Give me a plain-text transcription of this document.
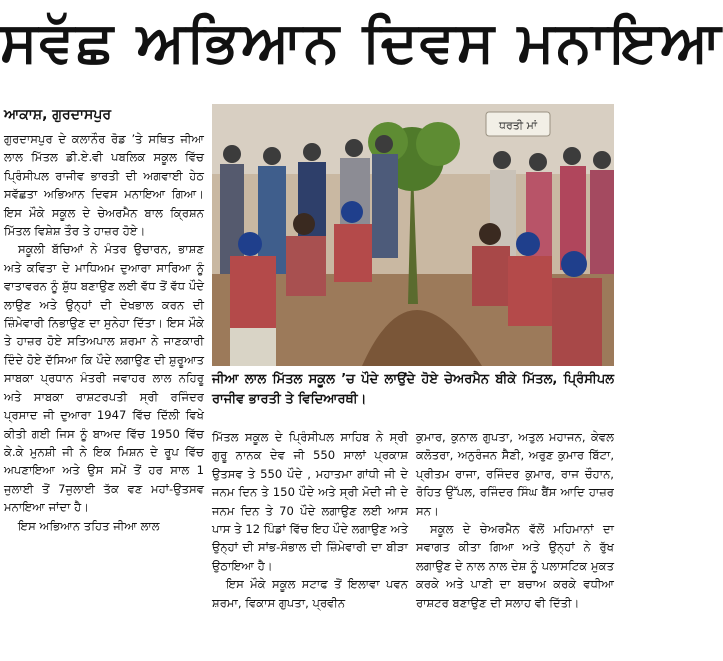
ਸਵੱਛ ਅਭਿਆਨ ਦਿਵਸ ਮਨਾਇਆ
ਆਕਾਸ਼, ਗੁਰਦਾਸਪੁਰ

ਗੁਰਦਾਸਪੁਰ ਦੇ ਕਲਾਨੌਰ ਰੋਡ ’ਤੇ ਸਥਿਤ ਜੀਆ ਲਾਲ ਮਿੱਤਲ ਡੀ.ਏ.ਵੀ ਪਬਲਿਕ ਸਕੂਲ ਵਿੱਚ ਪ੍ਰਿੰਸੀਪਲ ਰਾਜੀਵ ਭਾਰਤੀ ਦੀ ਅਗਵਾਈ ਹੇਠ ਸਵੱਛਤਾ ਅਭਿਆਨ ਦਿਵਸ ਮਨਾਇਆ ਗਿਆ। ਇਸ ਮੌਕੇ ਸਕੂਲ ਦੇ ਚੇਅਰਮੈਨ ਬਾਲ ਕ੍ਰਿਸ਼ਨ ਮਿੱਤਲ ਵਿਸ਼ੇਸ਼ ਤੌਰ ਤੇ ਹਾਜ਼ਰ ਹੋਏ।

ਸਕੂਲੀ ਬੱਚਿਆਂ ਨੇ ਮੰਤਰ ਉਚਾਰਨ, ਭਾਸ਼ਣ ਅਤੇ ਕਵਿਤਾ ਦੇ ਮਾਧਿਅਮ ਦੁਆਰਾ ਸਾਰਿਆ ਨੂੰ ਵਾਤਾਵਰਨ ਨੂੰ ਸ਼ੁੱਧ ਬਣਾਉਣ ਲਈ ਵੱਧ ਤੋਂ ਵੱਧ ਪੌਦੇ ਲਾਉਣ ਅਤੇ ਉਨ੍ਹਾਂ ਦੀ ਦੇਖਭਾਲ ਕਰਨ ਦੀ ਜ਼ਿੰਮੇਵਾਰੀ ਨਿਭਾਉਣ ਦਾ ਸੁਨੇਹਾ ਦਿੱਤਾ। ਇਸ ਮੌਕੇ ਤੇ ਹਾਜ਼ਰ ਹੋਏ ਸਤਿਅਪਾਲ ਸ਼ਰਮਾ ਨੇ ਜਾਣਕਾਰੀ ਦਿੰਦੇ ਹੋਏ ਦੱਸਿਆ ਕਿ ਪੌਦੇ ਲਗਾਉਣ ਦੀ ਸ਼ੁਰੂਆਤ ਸਾਬਕਾ ਪ੍ਰਧਾਨ ਮੰਤਰੀ ਜਵਾਹਰ ਲਾਲ ਨਹਿਰੂ ਅਤੇ ਸਾਬਕਾ ਰਾਸ਼ਟਰਪਤੀ ਸ੍ਰੀ ਰਜਿੰਦਰ ਪ੍ਰਸਾਦ ਜੀ ਦੁਆਰਾ 1947 ਵਿੱਚ ਦਿੱਲੀ ਵਿਖੇ ਕੀਤੀ ਗਈ ਜਿਸ ਨੂੰ ਬਾਅਦ ਵਿੱਚ 1950 ਵਿੱਚ ਕੇ.ਕੇ ਮੁਨਸ਼ੀ ਜੀ ਨੇ ਇਕ ਮਿਸ਼ਨ ਦੇ ਰੂਪ ਵਿੱਚ ਅਪਣਾਇਆ ਅਤੇ ਉਸ ਸਮੇਂ ਤੋਂ ਹਰ ਸਾਲ 1 ਜੁਲਾਈ ਤੋਂ 7ਜੁਲਾਈ ਤੱਕ ਵਣ ਮਹਾਂ-ਉਤਸਵ ਮਨਾਇਆ ਜਾਂਦਾ ਹੈ।

ਇਸ ਅਭਿਆਨ ਤਹਿਤ ਜੀਆ ਲਾਲ

ਧਰਤੀ ਮਾਂ
ਜੀਆ ਲਾਲ ਮਿੱਤਲ ਸਕੂਲ ’ਚ ਪੌਦੇ ਲਾਉਂਦੇ ਹੋਏ ਚੇਅਰਮੈਨ ਬੀਕੇ ਮਿੱਤਲ, ਪ੍ਰਿੰਸੀਪਲ ਰਾਜੀਵ ਭਾਰਤੀ ਤੇ ਵਿਦਿਆਰਥੀ।

ਮਿੱਤਲ ਸਕੂਲ ਦੇ ਪ੍ਰਿੰਸੀਪਲ ਸਾਹਿਬ ਨੇ ਸ੍ਰੀ ਗੁਰੂ ਨਾਨਕ ਦੇਵ ਜੀ 550 ਸਾਲਾਂ ਪ੍ਰਕਾਸ਼ ਉਤਸਵ ਤੇ 550 ਪੌਦੇ , ਮਹਾਤਮਾ ਗਾਂਧੀ ਜੀ ਦੇ ਜਨਮ ਦਿਨ ਤੇ 150 ਪੌਦੇ ਅਤੇ ਸ੍ਰੀ ਮੋਦੀ ਜੀ ਦੇ ਜਨਮ ਦਿਨ ਤੇ 70 ਪੌਦੇ ਲਗਾਉਣ ਲਈ ਆਸ ਪਾਸ ਤੇ 12 ਪਿੰਡਾਂ ਵਿੱਚ ਇਹ ਪੌਦੇ ਲਗਾਉਣ ਅਤੇ ਉਨ੍ਹਾਂ ਦੀ ਸਾਂਭ-ਸੰਭਾਲ ਦੀ ਜ਼ਿੰਮੇਵਾਰੀ ਦਾ ਬੀੜਾ ਉਠਾਇਆ ਹੈ।

ਇਸ ਮੌਕੇ ਸਕੂਲ ਸਟਾਫ ਤੋਂ ਇਲਾਵਾ ਪਵਨ ਸ਼ਰਮਾ, ਵਿਕਾਸ ਗੁਪਤਾ, ਪ੍ਰਵੀਨ

ਕੁਮਾਰ, ਕੁਨਾਲ ਗੁਪਤਾ, ਅਤੁਲ ਮਹਾਜਨ, ਕੇਵਲ ਕਲੋਤਰਾ, ਅਨੁਰੰਜਨ ਸੈਣੀ, ਅਰੁਣ ਕੁਮਾਰ ਬਿੱਟਾ, ਪ੍ਰੀਤਮ ਰਾਜਾ, ਰਜਿੰਦਰ ਕੁਮਾਰ, ਰਾਜ ਚੌਹਾਨ, ਰੋਹਿਤ ਉੱਪਲ, ਰਜਿੰਦਰ ਸਿੰਘ ਬੈਂਸ ਆਦਿ ਹਾਜ਼ਰ ਸਨ।

ਸਕੂਲ ਦੇ ਚੇਅਰਮੈਨ ਵੱਲੋਂ ਮਹਿਮਾਨਾਂ ਦਾ ਸਵਾਗਤ ਕੀਤਾ ਗਿਆ ਅਤੇ ਉਨ੍ਹਾਂ ਨੇ ਰੁੱਖ ਲਗਾਉਣ ਦੇ ਨਾਲ ਨਾਲ ਦੇਸ਼ ਨੂੰ ਪਲਾਸਟਿਕ ਮੁਕਤ ਕਰਕੇ ਅਤੇ ਪਾਣੀ ਦਾ ਬਚਾਅ ਕਰਕੇ ਵਧੀਆ ਰਾਸ਼ਟਰ ਬਣਾਉਣ ਦੀ ਸਲਾਹ ਵੀ ਦਿੱਤੀ।
